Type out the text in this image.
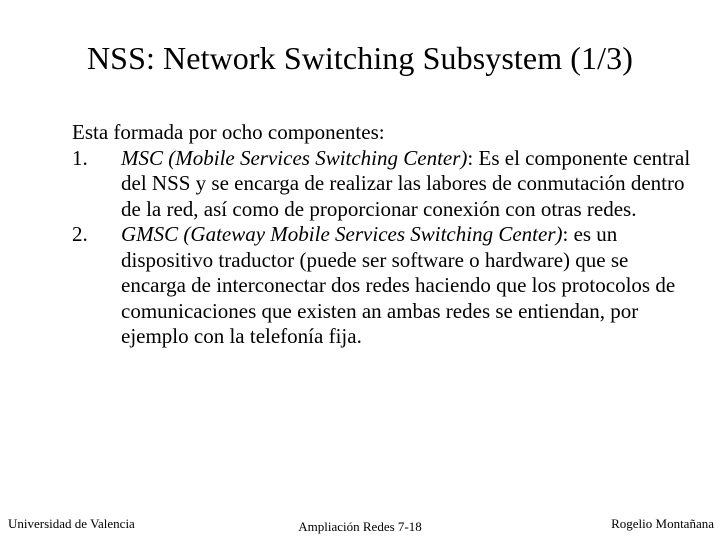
NSS: Network Switching Subsystem (1/3)

Esta formada por ocho componentes:

1.	MSC (Mobile Services Switching Center): Es el componente central del NSS y se encarga de realizar las labores de conmutación dentro de la red, así como de proporcionar conexión con otras redes.
2.	GMSC (Gateway Mobile Services Switching Center): es un dispositivo traductor (puede ser software o hardware) que se encarga de interconectar dos redes haciendo que los protocolos de comunicaciones que existen an ambas redes se entiendan, por ejemplo con la telefonía fija.
Universidad de Valencia	Ampliación Redes 7-18	Rogelio Montañana
